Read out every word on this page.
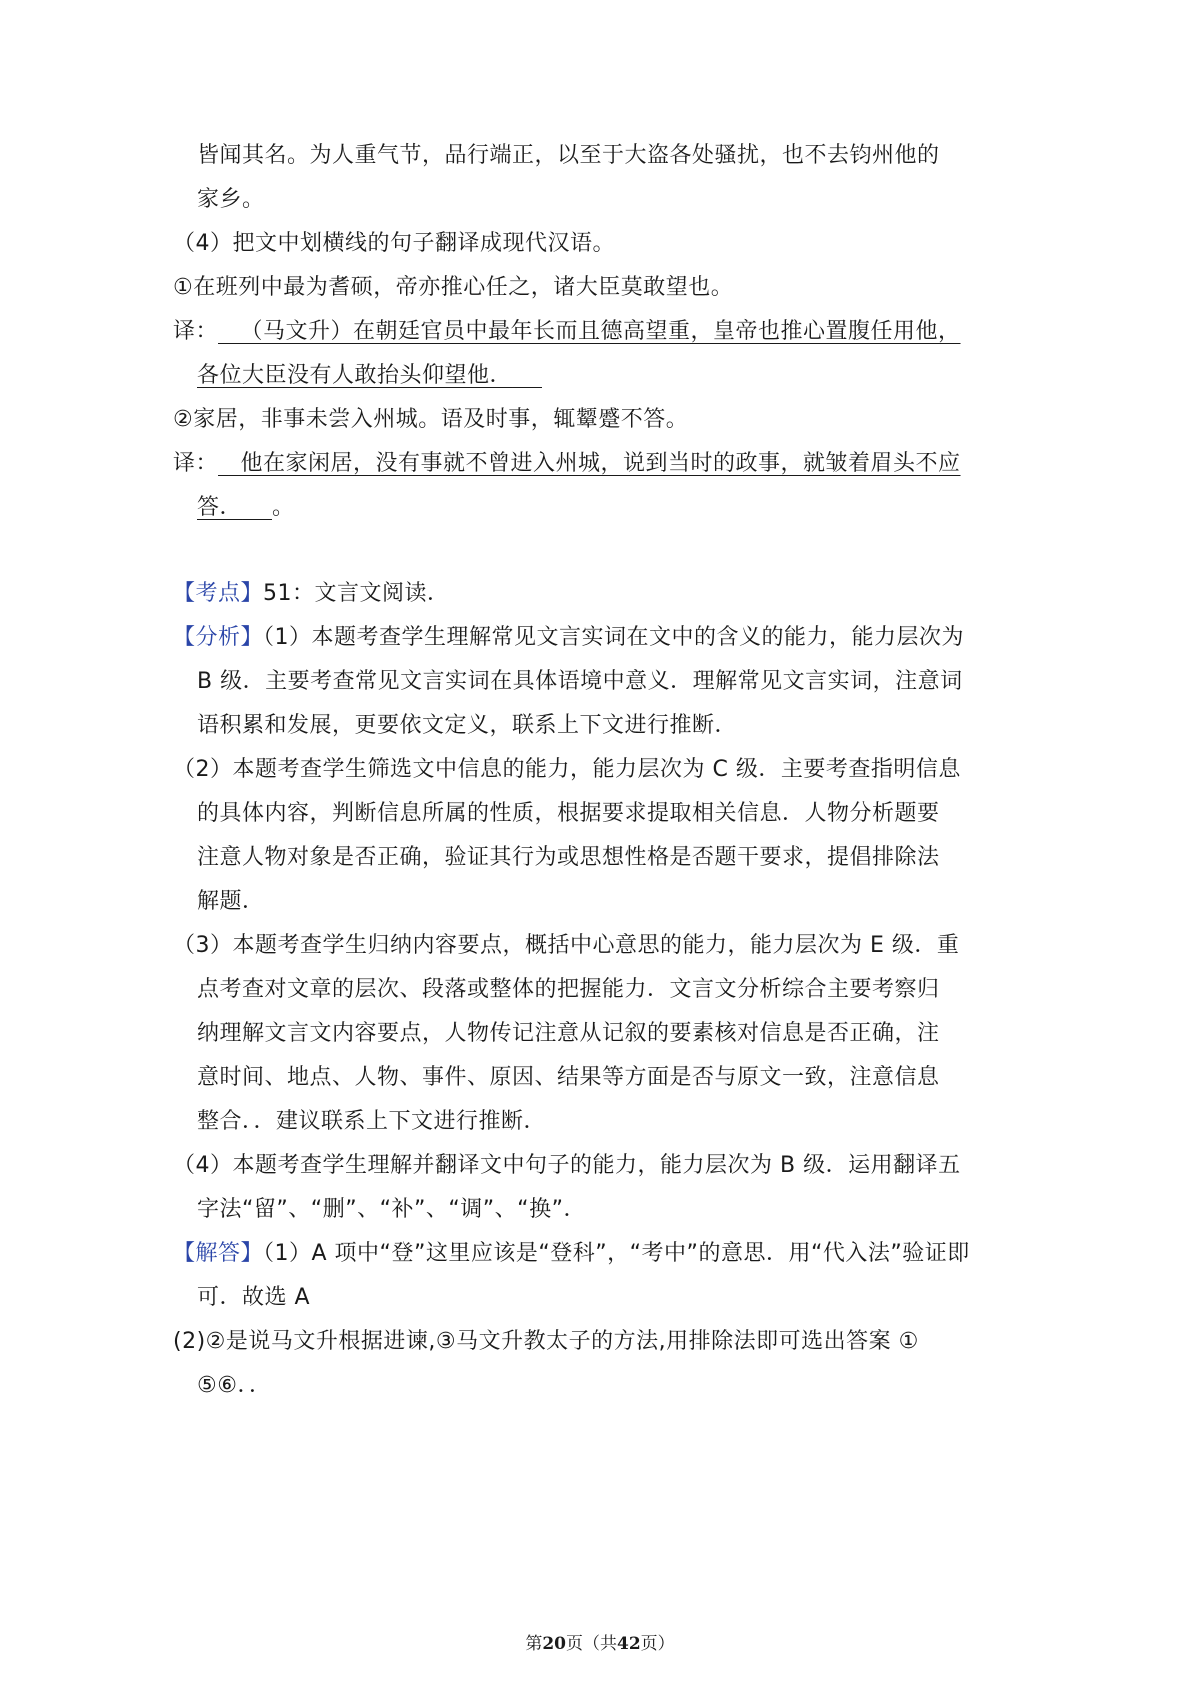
皆闻其名。为人重气节，品行端正，以至于大盗各处骚扰，也不去钧州他的
家乡。
（4）把文中划横线的句子翻译成现代汉语。
①在班列中最为耆硕，帝亦推心任之，诸大臣莫敢望也。
译： （马文升）在朝廷官员中最年长而且德高望重，皇帝也推心置腹任用他，
各位大臣没有人敢抬头仰望他．
②家居，非事未尝入州城。语及时事，辄颦蹙不答。
译： 他在家闲居，没有事就不曾进入州城，说到当时的政事，就皱着眉头不应
答． 。
【考点】51：文言文阅读．
【分析】（1）本题考查学生理解常见文言实词在文中的含义的能力，能力层次为
B 级．主要考查常见文言实词在具体语境中意义．理解常见文言实词，注意词
语积累和发展，更要依文定义，联系上下文进行推断．
（2）本题考查学生筛选文中信息的能力，能力层次为 C 级．主要考查指明信息
的具体内容，判断信息所属的性质，根据要求提取相关信息．人物分析题要
注意人物对象是否正确，验证其行为或思想性格是否题干要求，提倡排除法
解题．
（3）本题考查学生归纳内容要点，概括中心意思的能力，能力层次为 E 级．重
点考查对文章的层次、段落或整体的把握能力．文言文分析综合主要考察归
纳理解文言文内容要点，人物传记注意从记叙的要素核对信息是否正确，注
意时间、地点、人物、事件、原因、结果等方面是否与原文一致，注意信息
整合．．建议联系上下文进行推断．
（4）本题考查学生理解并翻译文中句子的能力，能力层次为 B 级．运用翻译五
字法“留”、“删”、“补”、“调”、“换”．
【解答】（1）A 项中“登”这里应该是“登科”，“考中”的意思．用“代入法”验证即
可．故选 A
(2)②是说马文升根据进谏,③马文升教太子的方法,用排除法即可选出答案 ①
⑤⑥．．
第20页（共42页）
